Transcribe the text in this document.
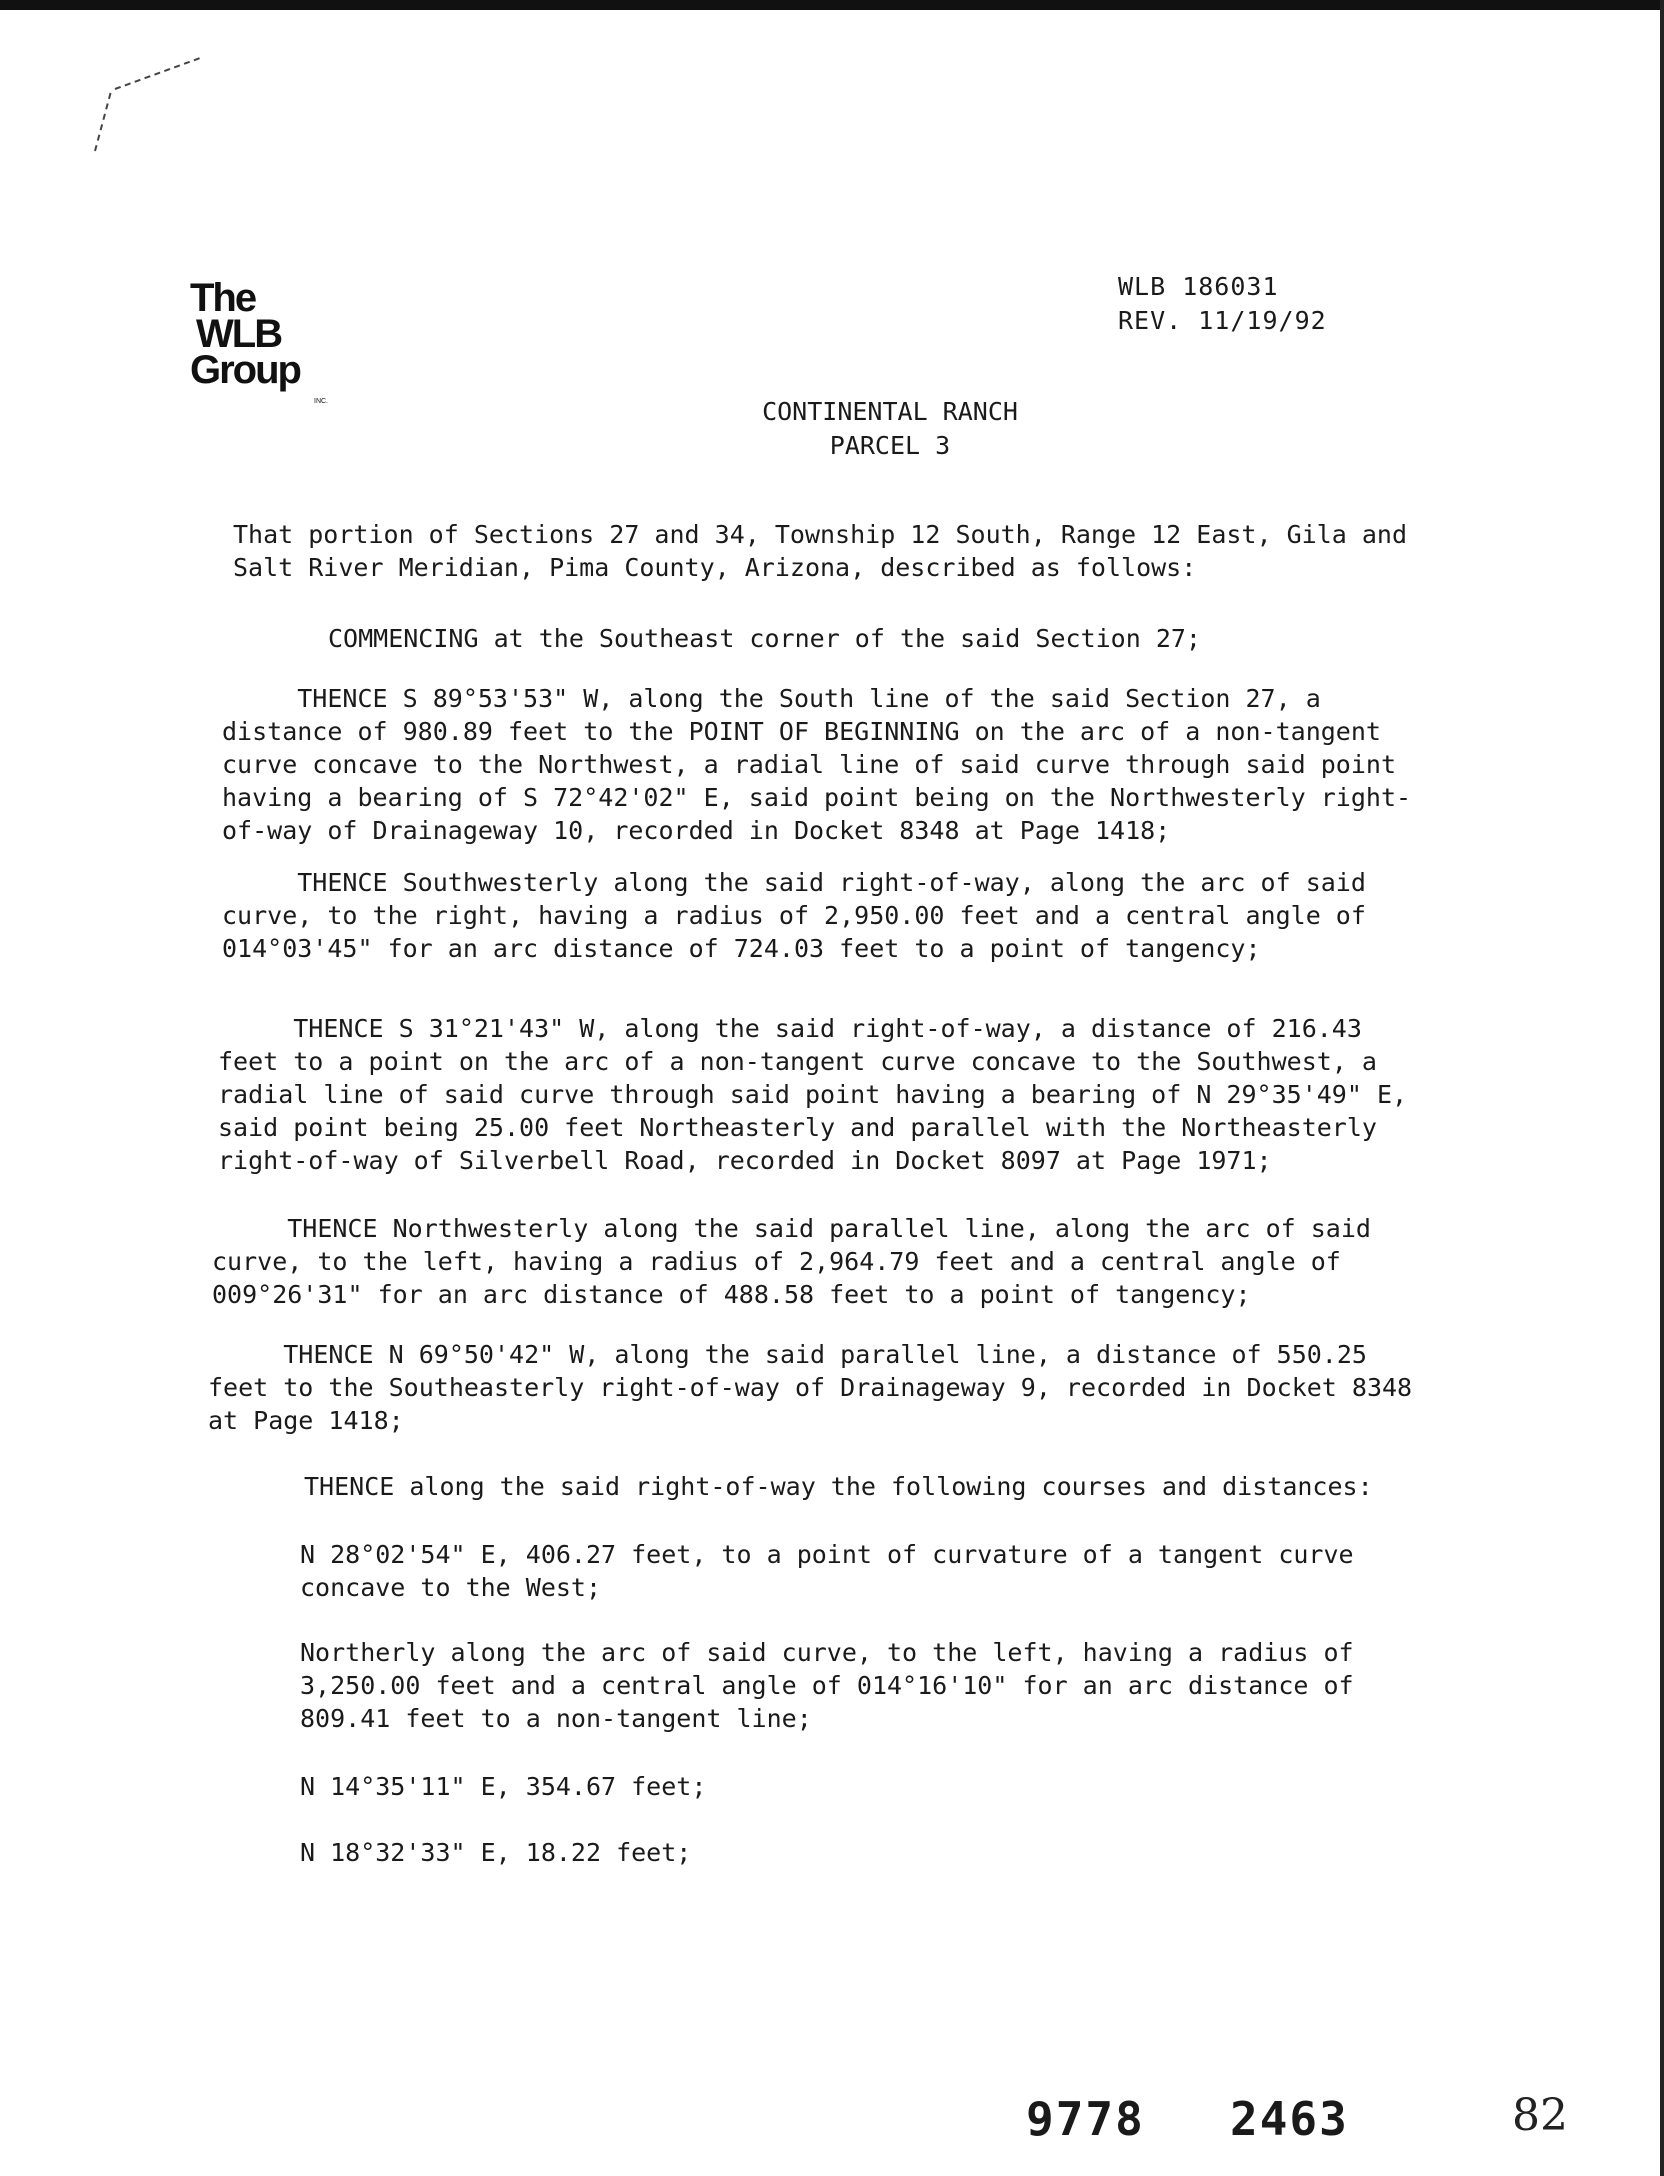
The
WLB
Group
INC.
WLB 186031
REV. 11/19/92
CONTINENTAL RANCH
PARCEL 3

That portion of Sections 27 and 34, Township 12 South, Range 12 East, Gila and
Salt River Meridian, Pima County, Arizona, described as follows:

COMMENCING at the Southeast corner of the said Section 27;

THENCE S 89°53'53" W, along the South line of the said Section 27, a
distance of 980.89 feet to the POINT OF BEGINNING on the arc of a non-tangent
curve concave to the Northwest, a radial line of said curve through said point
having a bearing of S 72°42'02" E, said point being on the Northwesterly right-
of-way of Drainageway 10, recorded in Docket 8348 at Page 1418;

THENCE Southwesterly along the said right-of-way, along the arc of said
curve, to the right, having a radius of 2,950.00 feet and a central angle of
014°03'45" for an arc distance of 724.03 feet to a point of tangency;

THENCE S 31°21'43" W, along the said right-of-way, a distance of 216.43
feet to a point on the arc of a non-tangent curve concave to the Southwest, a
radial line of said curve through said point having a bearing of N 29°35'49" E,
said point being 25.00 feet Northeasterly and parallel with the Northeasterly
right-of-way of Silverbell Road, recorded in Docket 8097 at Page 1971;

THENCE Northwesterly along the said parallel line, along the arc of said
curve, to the left, having a radius of 2,964.79 feet and a central angle of
009°26'31" for an arc distance of 488.58 feet to a point of tangency;

THENCE N 69°50'42" W, along the said parallel line, a distance of 550.25
feet to the Southeasterly right-of-way of Drainageway 9, recorded in Docket 8348
at Page 1418;

THENCE along the said right-of-way the following courses and distances:

N 28°02'54" E, 406.27 feet, to a point of curvature of a tangent curve
concave to the West;

Northerly along the arc of said curve, to the left, having a radius of
3,250.00 feet and a central angle of 014°16'10" for an arc distance of
809.41 feet to a non-tangent line;

N 14°35'11" E, 354.67 feet;

N 18°32'33" E, 18.22 feet;

9778 2463	82
